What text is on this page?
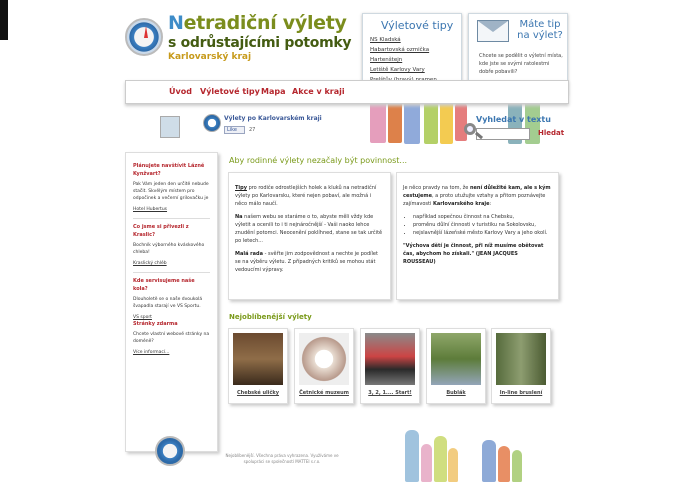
Netradiční výlety
s odrůstajícími potomky
Karlovarský kraj
Výletové tipy
NS Kladská
Habartovská ozmička
Hartenštejn
Letiště Karlovy Vary
Máte tip na výlet?

Chcete se podělit o výletní místa, kde jste se svými ratolestmi dobře pobavili?

Úvod Výletové tipy Mapa Akce v kraji
Výlety po Karlovarském kraji
Like	27
Vyhledat v textu
Hledat
Plánujete navštívit Lázně Kynžvart?
Pak Vám jeden den určitě nebude stačit. Skvělým místem pro odpočinek a večerní grilovačku je
Hotel Hubertus
Co jsme si přivezli z Krasliс?
Bochník výborného kváskového chleba!
Kraslický chléb
Kde servisujeme naše kola?
Dlouholetě se o naše dvoukolá švapadla starají ve VS Sportu.
VS sport
Stránky zdarma
Chcete vlastní webové stránky na doméně?
Více informací...
Aby rodinné výlety nezačaly být povinnost...

Tipy pro rodiče odrostlejších holek a kluků na netradiční výlety po Karlovarsku, které nejen pobaví, ale možná i něco málo naučí.

Na našem webu se staráme o to, abyste měli vždy kde výletit a ocenili to i ti nejnáročnější - Vaši naoko lehce znudění potomci. Neocenění poklíhned, stane se tak určitě po letech...

Malá rada - svěřte jim zodpovědnost a nechte je podílet se na výběru výletu. Z případných kritiků se mohou stát vedoucími výpravy.

Je něco pravdy na tom, že není důležité kam, ale s kým cestujeme, a proto utužujte vztahy a přitom poznávejte zajímavosti Karlovarského kraje:

• například sopečnou činnost na Chebsku,
• proměnu důlní činnosti v turistiku na Sokolovsku,
• nejslavnější lázeňské město Karlovy Vary a jeho okolí.

"Výchova dětí je činnost, při níž musíme obětovat čas, abychom ho získali." (JEAN JACQUES ROUSSEAU)

Nejoblíbenější výlety
Chebské uličky	Četnické muzeum	3, 2, 1.... Start!	Bublák	In-line bruslení
Nejoblíbenější. Všechna práva vyhrazena. Využíváme ve spolupráci se společností MATTEI s.r.o.
